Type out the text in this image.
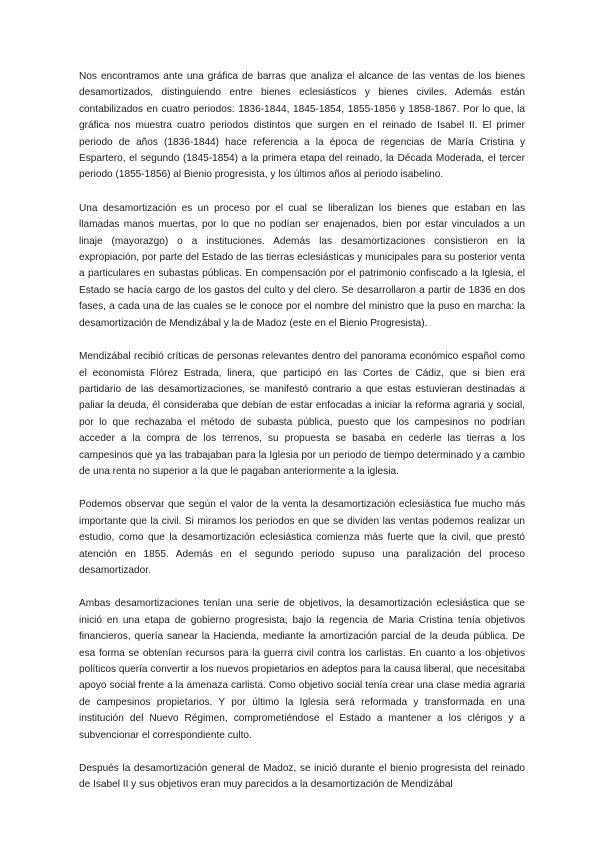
Nos encontramos ante una gráfica de barras que analiza el alcance de las ventas de los bienes desamortizados, distinguiendo entre bienes eclesiásticos y bienes civiles. Además están contabilizados en cuatro periodos: 1836-1844, 1845-1854, 1855-1856 y 1858-1867. Por lo que, la gráfica nos muestra cuatro periodos distintos que surgen en el reinado de Isabel II. El primer periodo de años (1836-1844) hace referencia a la época de regencias de María Cristina y Espartero, el segundo (1845-1854) a la primera etapa del reinado, la Década Moderada, el tercer periodo (1855-1856) al Bienio progresista, y los últimos años al periodo isabelino.

Una desamortización es un proceso por el cual se liberalizan los bienes que estaban en las llamadas manos muertas, por lo que no podían ser enajenados, bien por estar vinculados a un linaje (mayorazgo) o a instituciones. Además las desamortizaciones consistieron en la expropiación, por parte del Estado de las tierras eclesiásticas y municipales para su posterior venta a particulares en subastas públicas. En compensación por el patrimonio confiscado a la Iglesia, el Estado se hacía cargo de los gastos del culto y del clero. Se desarrollaron a partir de 1836 en dos fases, a cada una de las cuales se le conoce por el nombre del ministro que la puso en marcha: la desamortización de Mendizábal y la de Madoz (este en el Bienio Progresista).

Mendizábal recibió críticas de personas relevantes dentro del panorama económico español como el economista Flórez Estrada, linera, que participó en las Cortes de Cádiz, que si bien era partidario de las desamortizaciones, se manifestó contrario a que estas estuvieran destinadas a paliar la deuda, él consideraba que debían de estar enfocadas a iniciar la reforma agraria y social, por lo que rechazaba el método de subasta pública, puesto que los campesinos no podrían acceder a la compra de los terrenos, su propuesta se basaba en cederle las tierras a los campesinos que ya las trabajaban para la Iglesia por un periodo de tiempo determinado y a cambio de una renta no superior a la que le pagaban anteriormente a la iglesia.

Podemos observar que según el valor de la venta la desamortización eclesiástica fue mucho más importante que la civil. Si miramos los periodos en que se dividen las ventas podemos realizar un estudio, como que la desamortización eclesiástica comienza más fuerte que la civil, que prestó atención en 1855. Además en el segundo periodo supuso una paralización del proceso desamortizador.

Ambas desamortizaciones tenían una serie de objetivos, la desamortización eclesiástica que se inició en una etapa de gobierno progresista, bajo la regencia de Maria Cristina tenía objetivos financieros, quería sanear la Hacienda, mediante la amortización parcial de la deuda pública. De esa forma se obtenían recursos para la guerra civil contra los carlistas. En cuanto a los objetivos políticos quería convertir a los nuevos propietarios en adeptos para la causa liberal, que necesitaba apoyo social frente a la amenaza carlista. Como objetivo social tenía crear una clase media agraria de campesinos propietarios. Y por último la Iglesia será reformada y transformada en una institución del Nuevo Régimen, comprometiéndose el Estado a mantener a los clérigos y a subvencionar el correspondiente culto.

Después la desamortización general de Madoz, se inició durante el bienio progresista del reinado de Isabel II y sus objetivos eran muy parecidos a la desamortización de Mendizábal
